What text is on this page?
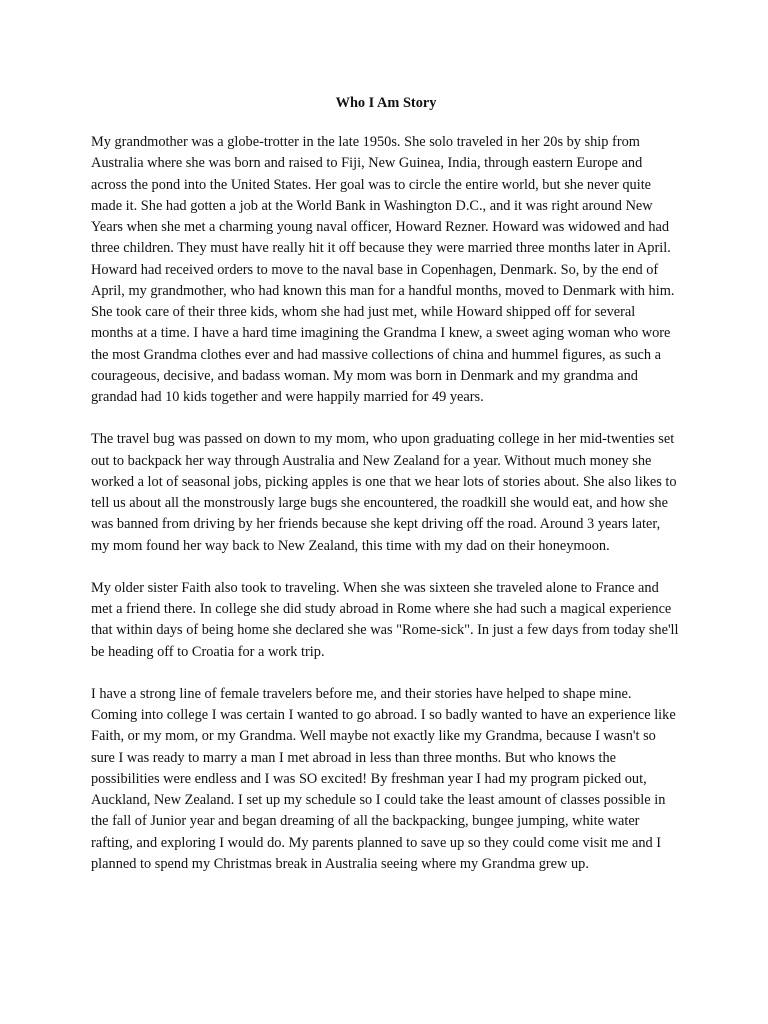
Who I Am Story

My grandmother was a globe-trotter in the late 1950s. She solo traveled in her 20s by ship from Australia where she was born and raised to Fiji, New Guinea, India, through eastern Europe and across the pond into the United States. Her goal was to circle the entire world, but she never quite made it. She had gotten a job at the World Bank in Washington D.C., and it was right around New Years when she met a charming young naval officer, Howard Rezner. Howard was widowed and had three children. They must have really hit it off because they were married three months later in April. Howard had received orders to move to the naval base in Copenhagen, Denmark. So, by the end of April, my grandmother, who had known this man for a handful months, moved to Denmark with him. She took care of their three kids, whom she had just met, while Howard shipped off for several months at a time. I have a hard time imagining the Grandma I knew, a sweet aging woman who wore the most Grandma clothes ever and had massive collections of china and hummel figures, as such a courageous, decisive, and badass woman. My mom was born in Denmark and my grandma and grandad had 10 kids together and were happily married for 49 years.

The travel bug was passed on down to my mom, who upon graduating college in her mid-twenties set out to backpack her way through Australia and New Zealand for a year. Without much money she worked a lot of seasonal jobs, picking apples is one that we hear lots of stories about. She also likes to tell us about all the monstrously large bugs she encountered, the roadkill she would eat, and how she was banned from driving by her friends because she kept driving off the road. Around 3 years later, my mom found her way back to New Zealand, this time with my dad on their honeymoon.

My older sister Faith also took to traveling. When she was sixteen she traveled alone to France and met a friend there. In college she did study abroad in Rome where she had such a magical experience that within days of being home she declared she was "Rome-sick". In just a few days from today she'll be heading off to Croatia for a work trip.

I have a strong line of female travelers before me, and their stories have helped to shape mine. Coming into college I was certain I wanted to go abroad. I so badly wanted to have an experience like Faith, or my mom, or my Grandma. Well maybe not exactly like my Grandma, because I wasn't so sure I was ready to marry a man I met abroad in less than three months. But who knows the possibilities were endless and I was SO excited! By freshman year I had my program picked out, Auckland, New Zealand. I set up my schedule so I could take the least amount of classes possible in the fall of Junior year and began dreaming of all the backpacking, bungee jumping, white water rafting, and exploring I would do. My parents planned to save up so they could come visit me and I planned to spend my Christmas break in Australia seeing where my Grandma grew up.
